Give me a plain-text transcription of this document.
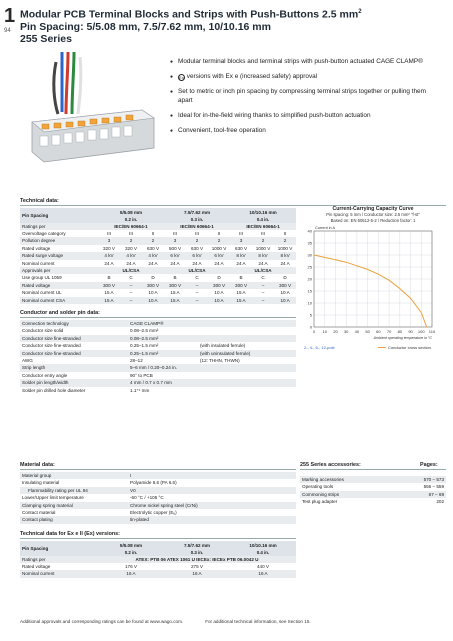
1
94
Modular PCB Terminal Blocks and Strips with Push-Buttons 2.5 $mm^2$
Pin Spacing: 5/5.08 mm, 7.5/7.62 mm, 10/10.16 mm
255 Series
● Modular terminal blocks and terminal strips with push-button actuated CAGE CLAMP®
● Ex versions with Ex e (increased safety) approval
● Set to metric or inch pin spacing by compressing terminal strips together or pulling them apart
● Ideal for in-the-field wiring thanks to simplified push-button actuation
● Convenient, tool-free operation
Technical data:
Pin Spacing	5/5.08 mm			7.5/7.62 mm			10/10.16 mm		
	0.2 in.			0.3 in.			0.4 in.		
Ratings per	IEC/EN 60664-1			IEC/EN 60664-1			IEC/EN 60664-1		
Overvoltage category	III	III	II	III	III	II	III	III	II
Pollution degree	3	2	2	3	2	2	3	2	2
Rated voltage	320 V	320 V	630 V	500 V	630 V	1000 V	630 V	1000 V	1000 V
Rated surge voltage	4 kV	4 kV	4 kV	6 kV	6 kV	6 kV	8 kV	8 kV	8 kV
Nominal current	24 A	24 A	24 A	24 A	24 A	24 A	24 A	24 A	24 A
Approvals per	UL/CSA			UL/CSA			UL/CSA		
Use group UL 1059	B	C	D	B	C	D	B	C	D
Rated voltage	300 V	–	300 V	300 V	–	300 V	300 V	–	300 V
Nominal current UL	15 A	–	10 A	15 A	–	10 A	15 A	–	10 A
Nominal current CSA	15 A	–	10 A	15 A	–	10 A	15 A	–	10 A
Current-Carrying Capacity Curve
Pin spacing: 5 mm / Conductor size: 2.5 mm² "f-st"
Based on: EN 60512-5-2 / Reduction factor: 1
0
5
10
15
20
25
30
35
40
0 10 20 30 40 50 60 70 80 90 100 110
Current in A
Ambient operating temperature in °C
2-, 4-, 6-, 12-pole	Conductor cross section
Conductor and solder pin data:
Connection technology	CAGE CLAMP®	
Conductor size solid	0.08–2.5 mm²	
Conductor size fine-stranded	0.08–2.5 mm²	
Conductor size fine-stranded	0.25–1.5 mm²	(with insulated ferrule)
Conductor size fine-stranded	0.25–1.5 mm²	(with uninsulated ferrule)
AWG	28–12	(12: THHN, THWN)
Strip length	5–6 mm / 0.20–0.24 in.	
Conductor entry angle	90° to PCB	
Solder pin length/width	4 mm / 0.7 x 0.7 mm	
Solder pin drilled hole diameter	1.1⁺¹ mm	
Material data:
Material group	I
Insulating material	Polyamide 6.6 (PA 6.6)
Flammability rating per UL 94	V0
Lower/Upper limit temperature	-60 °C / +105 °C
Clamping spring material	Chrome nickel spring steel (CrNi)
Contact material	Electrolytic copper (Eᵤ)
Contact plating	tin-plated
255 Series accessories:	Pages:
Marking accessories	570 – 573
Operating tools	556 – 559
Commoning strips	67 – 69
Test plug adapter	202
Technical data for Ex e II (Ex) versions:
Pin Spacing	5/5.08 mm	7.5/7.62 mm	10/10.16 mm
	0.2 in.	0.3 in.	0.4 in.
Ratings per	ATEX: PTB 06 ATEX 1061 U IECEx: IECEx PTB 06.0042 U		
Rated voltage	176 V	275 V	440 V
Nominal current	16 A	16 A	16 A
Additional approvals and corresponding ratings can be found at www.wago.com.	For additional technical information, see Section 15.
